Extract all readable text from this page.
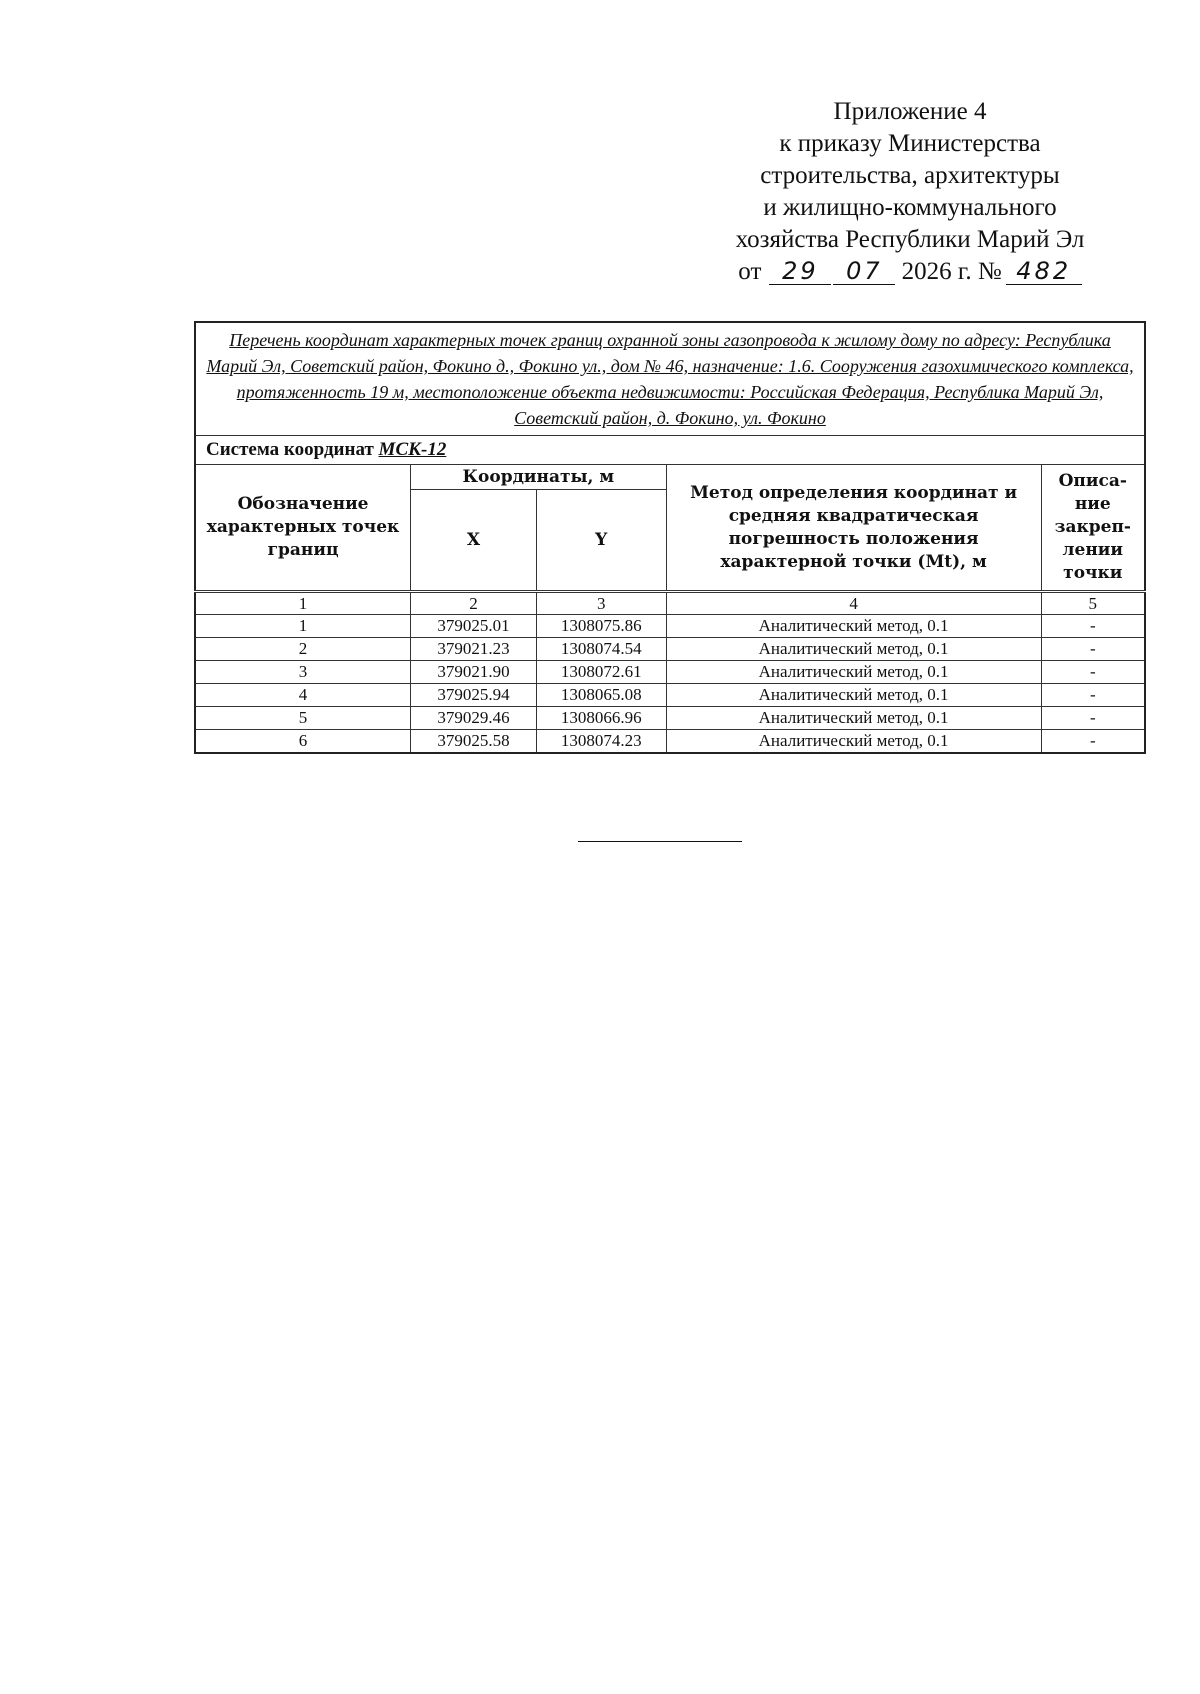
Приложение 4
к приказу Министерства
строительства, архитектуры
и жилищно-коммунального
хозяйства Республики Марий Эл
от 29 07 2026 г. № 482
Перечень координат характерных точек границ охранной зоны газопровода к жилому дому по адресу: Республика Марий Эл, Советский район, Фокино д., Фокино ул., дом № 46, назначение: 1.6. Сооружения газохимического комплекса, протяженность 19 м, местоположение объекта недвижимости: Российская Федерация, Республика Марий Эл, Советский район, д. Фокино, ул. Фокино				
Система координат МСК-12				
Обозначение характерных точек границ	Координаты, м		Метод определения координат и средняя квадратическая погрешность положения характерной точки (Mt), м	Описа-ние закреп-лении точки
	X	Y		
1	2	3	4	5
1	379025.01	1308075.86	Аналитический метод, 0.1	-
2	379021.23	1308074.54	Аналитический метод, 0.1	-
3	379021.90	1308072.61	Аналитический метод, 0.1	-
4	379025.94	1308065.08	Аналитический метод, 0.1	-
5	379029.46	1308066.96	Аналитический метод, 0.1	-
6	379025.58	1308074.23	Аналитический метод, 0.1	-
